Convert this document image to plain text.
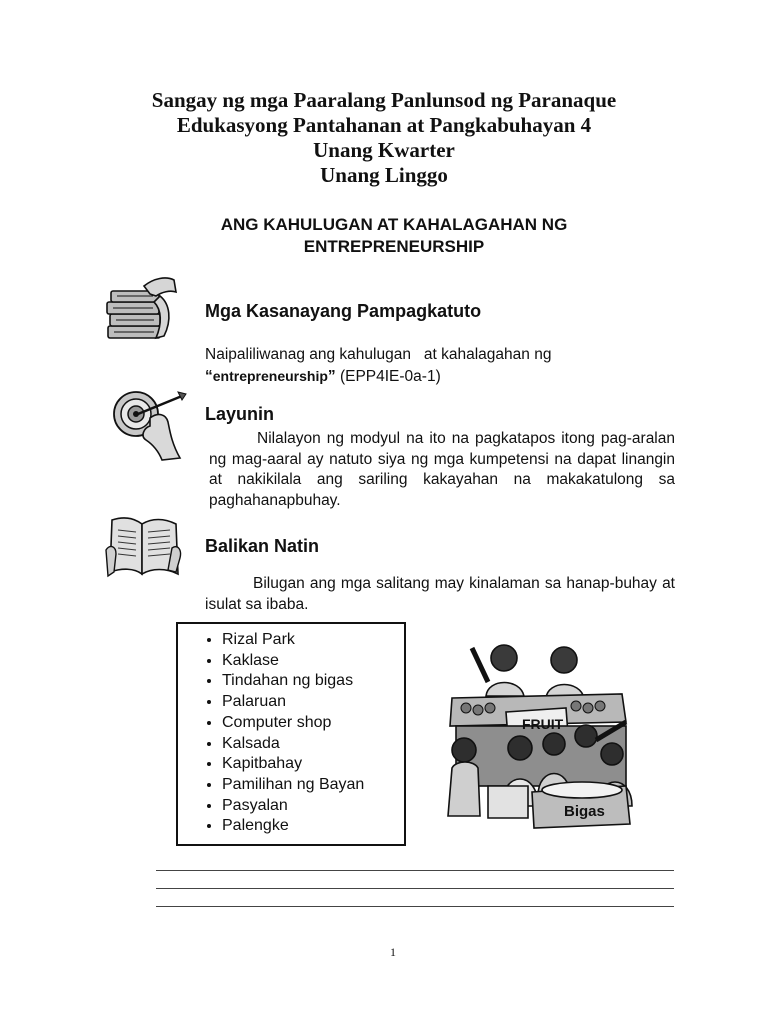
Sangay ng mga Paaralang Panlunsod ng Paranaque
Edukasyong Pantahanan at Pangkabuhayan 4
Unang Kwarter
Unang Linggo
ANG KAHULUGAN AT KAHALAGAHAN NG
ENTREPRENEURSHIP
Mga Kasanayang Pampagkatuto
Naipaliliwanag ang kahulugan   at kahalagahan ng
“entrepreneurship” (EPP4IE-0a-1)
Layunin
Nilalayon ng modyul na ito na pagkatapos itong pag-aralan ng mag-aaral ay natuto siya ng mga kumpetensi na dapat linangin at nakikilala ang sariling kakayahan na makakatulong sa paghahanapbuhay.
Balikan Natin
Bilugan ang mga salitang may kinalaman sa hanap-buhay at isulat sa ibaba.
• Rizal Park
• Kaklase
• Tindahan ng bigas
• Palaruan
• Computer shop
• Kalsada
• Kapitbahay
• Pamilihan ng Bayan
• Pasyalan
• Palengke
FRUIT
Bigas
1
